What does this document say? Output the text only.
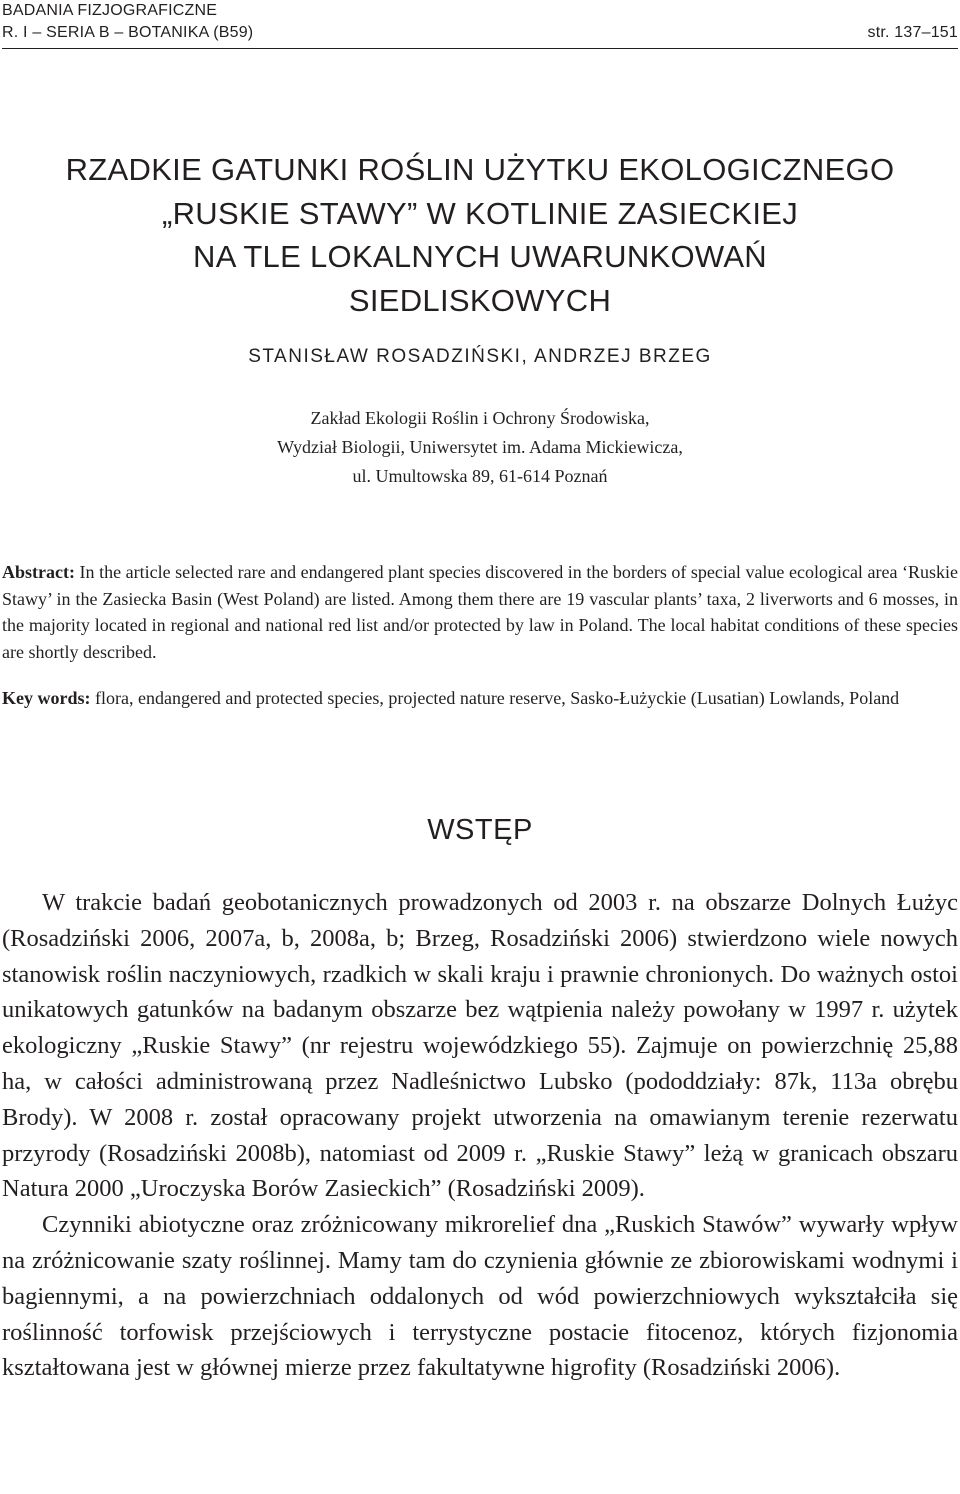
BADANIA FIZJOGRAFICZNE
R. I – SERIA B – BOTANIKA (B59)	str. 137–151
RZADKIE GATUNKI ROŚLIN UŻYTKU EKOLOGICZNEGO
„RUSKIE STAWY” W KOTLINIE ZASIECKIEJ
NA TLE LOKALNYCH UWARUNKOWAŃ
SIEDLISKOWYCH
STANISŁAW ROSADZIŃSKI, ANDRZEJ BRZEG
Zakład Ekologii Roślin i Ochrony Środowiska,
Wydział Biologii, Uniwersytet im. Adama Mickiewicza,
ul. Umultowska 89, 61-614 Poznań
Abstract: In the article selected rare and endangered plant species discovered in the borders of special value ecological area ‘Ruskie Stawy’ in the Zasiecka Basin (West Poland) are listed. Among them there are 19 vascular plants’ taxa, 2 liverworts and 6 mosses, in the majority located in regional and national red list and/or protected by law in Poland. The local habitat conditions of these species are shortly described.
Key words: flora, endangered and protected species, projected nature reserve, Sasko-Łużyckie (Lusatian) Lowlands, Poland
WSTĘP

W trakcie badań geobotanicznych prowadzonych od 2003 r. na obszarze Dolnych Łużyc (Rosadziński 2006, 2007a, b, 2008a, b; Brzeg, Rosadziński 2006) stwierdzono wiele nowych stanowisk roślin naczyniowych, rzadkich w skali kraju i prawnie chronionych. Do ważnych ostoi unikatowych gatunków na badanym obszarze bez wątpienia należy powołany w 1997 r. użytek ekologiczny „Ruskie Stawy” (nr rejestru wojewódzkiego 55). Zajmuje on powierzchnię 25,88 ha, w całości administrowaną przez Nadleśnictwo Lubsko (pododdziały: 87k, 113a obrębu Brody). W 2008 r. został opracowany projekt utworzenia na omawianym terenie rezerwatu przyrody (Rosadziński 2008b), natomiast od 2009 r. „Ruskie Stawy” leżą w granicach obszaru Natura 2000 „Uroczyska Borów Zasieckich” (Rosadziński 2009).

Czynniki abiotyczne oraz zróżnicowany mikrorelief dna „Ruskich Stawów” wywarły wpływ na zróżnicowanie szaty roślinnej. Mamy tam do czynienia głównie ze zbiorowiskami wodnymi i bagiennymi, a na powierzchniach oddalonych od wód powierzchniowych wykształciła się roślinność torfowisk przejściowych i terrystyczne postacie fitocenoz, których fizjonomia kształtowana jest w głównej mierze przez fakultatywne higrofity (Rosadziński 2006).
